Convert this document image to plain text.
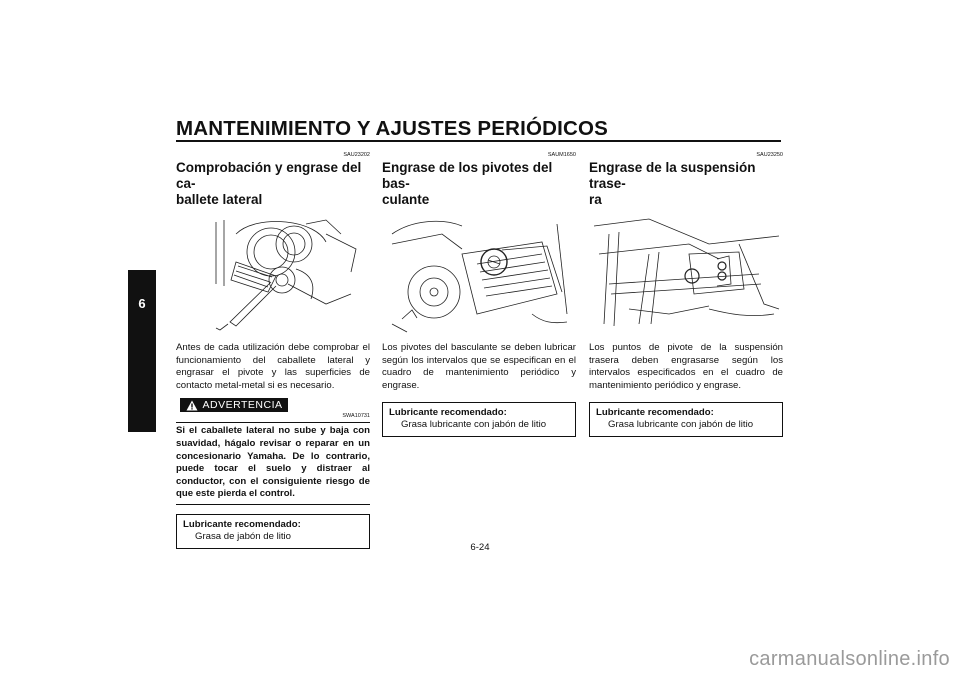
MANTENIMIENTO Y AJUSTES PERIÓDICOS
6
SAU23202
Comprobación y engrase del ca-
ballete lateral
Antes de cada utilización debe comprobar el funcionamiento del caballete lateral y engrasar el pivote y las superficies de contacto metal-metal si es necesario.
ADVERTENCIA
SWA10731
Si el caballete lateral no sube y baja con suavidad, hágalo revisar o reparar en un concesionario Yamaha. De lo contrario, puede tocar el suelo y distraer al conductor, con el consiguiente riesgo de que este pierda el control.
Lubricante recomendado:
Grasa de jabón de litio
SAUM1650
Engrase de los pivotes del bas-
culante
Los pivotes del basculante se deben lubricar según los intervalos que se especifican en el cuadro de mantenimiento periódico y engrase.
Lubricante recomendado:
Grasa lubricante con jabón de litio
SAU23250
Engrase de la suspensión trase-
ra
Los puntos de pivote de la suspensión trasera deben engrasarse según los intervalos especificados en el cuadro de mantenimiento periódico y engrase.
Lubricante recomendado:
Grasa lubricante con jabón de litio
6-24
carmanualsonline.info
